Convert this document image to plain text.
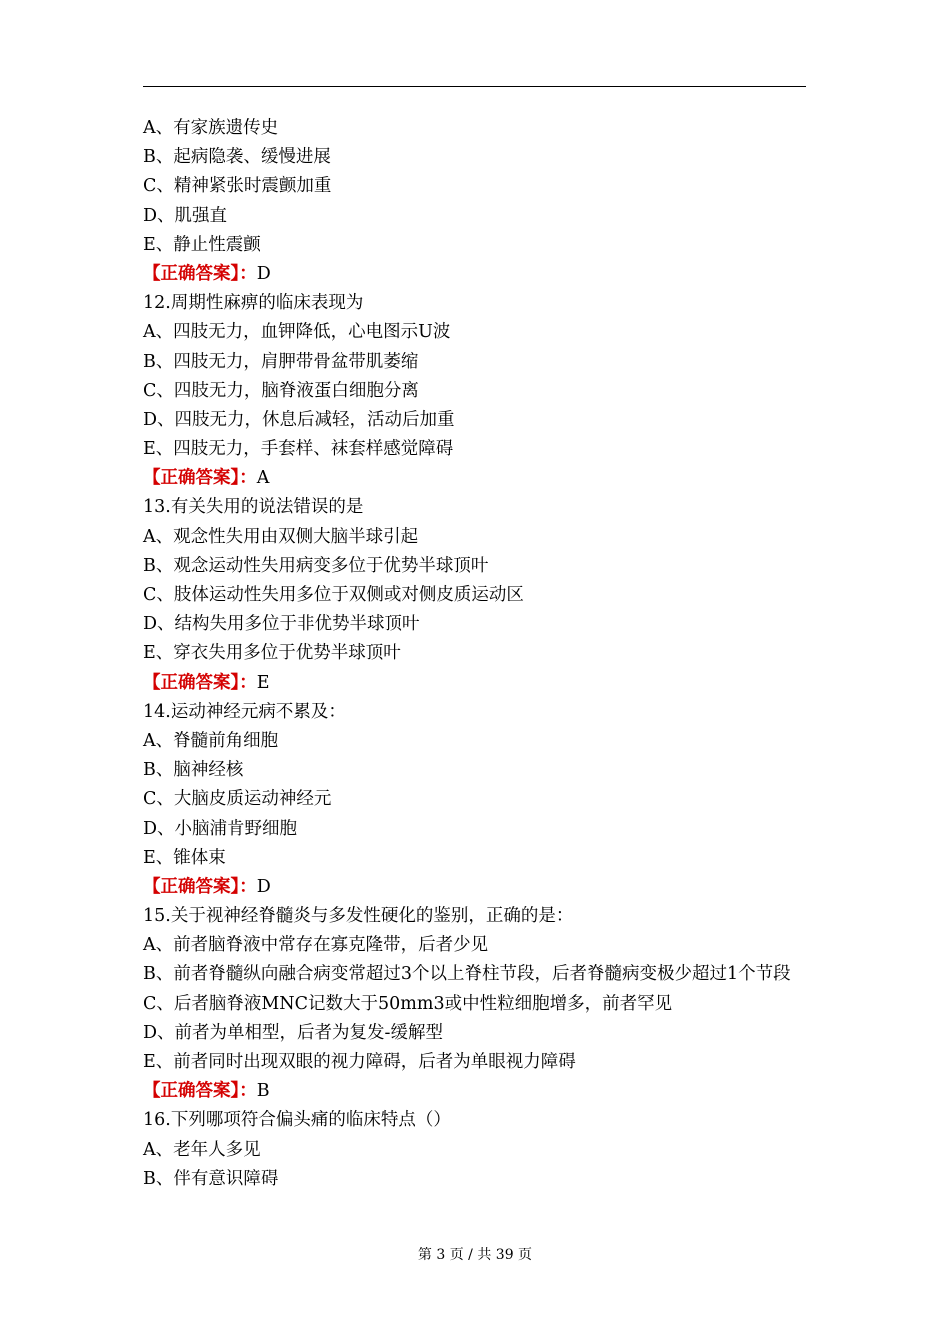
A、有家族遗传史
B、起病隐袭、缓慢进展
C、精神紧张时震颤加重
D、肌强直
E、静止性震颤
【正确答案】：D
12.周期性麻痹的临床表现为
A、四肢无力，血钾降低，心电图示U波
B、四肢无力，肩胛带骨盆带肌萎缩
C、四肢无力，脑脊液蛋白细胞分离
D、四肢无力，休息后减轻，活动后加重
E、四肢无力，手套样、袜套样感觉障碍
【正确答案】：A
13.有关失用的说法错误的是
A、观念性失用由双侧大脑半球引起
B、观念运动性失用病变多位于优势半球顶叶
C、肢体运动性失用多位于双侧或对侧皮质运动区
D、结构失用多位于非优势半球顶叶
E、穿衣失用多位于优势半球顶叶
【正确答案】：E
14.运动神经元病不累及：
A、脊髓前角细胞
B、脑神经核
C、大脑皮质运动神经元
D、小脑浦肯野细胞
E、锥体束
【正确答案】：D
15.关于视神经脊髓炎与多发性硬化的鉴别，正确的是：
A、前者脑脊液中常存在寡克隆带，后者少见
B、前者脊髓纵向融合病变常超过3个以上脊柱节段，后者脊髓病变极少超过1个节段
C、后者脑脊液MNC记数大于50mm3或中性粒细胞增多，前者罕见
D、前者为单相型，后者为复发-缓解型
E、前者同时出现双眼的视力障碍，后者为单眼视力障碍
【正确答案】：B
16.下列哪项符合偏头痛的临床特点（）
A、老年人多见
B、伴有意识障碍
第 3 页 / 共 39 页
